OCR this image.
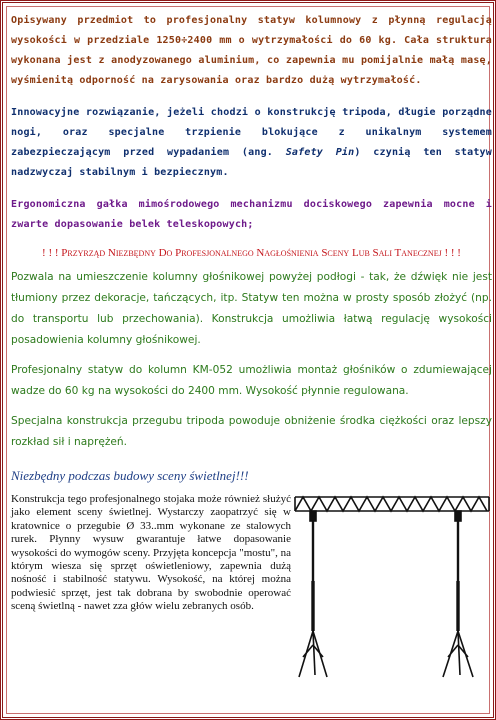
Opisywany przedmiot to profesjonalny statyw kolumnowy z płynną regulacją wysokości w przedziale 1250÷2400 mm o wytrzymałości do 60 kg. Cała struktura wykonana jest z anodyzowanego aluminium, co zapewnia mu pomijalnie małą masę, wyśmienitą odporność na zarysowania oraz bardzo dużą wytrzymałość.

Innowacyjne rozwiązanie, jeżeli chodzi o konstrukcję tripoda, długie porządne nogi, oraz specjalne trzpienie blokujące z unikalnym systemem zabezpieczającym przed wypadaniem (ang. Safety Pin) czynią ten statyw nadzwyczaj stabilnym i bezpiecznym.

Ergonomiczna gałka mimośrodowego mechanizmu dociskowego zapewnia mocne i zwarte dopasowanie belek teleskopowych;

! ! ! Przyrząd Niezbędny Do Profesjonalnego Nagłośnienia Sceny Lub Sali Tanecznej ! ! !

Pozwala na umieszczenie kolumny głośnikowej powyżej podłogi - tak, że dźwięk nie jest tłumiony przez dekoracje, tańczących, itp. Statyw ten można w prosty sposób złożyć (np. do transportu lub przechowania). Konstrukcja umożliwia łatwą regulację wysokości posadowienia kolumny głośnikowej.

Profesjonalny statyw do kolumn KM-052 umożliwia montaż głośników o zdumiewającej wadze do 60 kg na wysokości do 2400 mm. Wysokość płynnie regulowana.

Specjalna konstrukcja przegubu tripoda powoduje obniżenie środka ciężkości oraz lepszy rozkład sił i naprężeń.

Niezbędny podczas budowy sceny świetlnej!!!

Konstrukcja tego profesjonalnego stojaka może również służyć jako element sceny świetlnej. Wystarczy zaopatrzyć się w kratownice o przegubie Ø 33..mm wykonane ze stalowych rurek. Płynny wysuw gwarantuje łatwe dopasowanie wysokości do wymogów sceny. Przyjęta koncepcja "mostu", na którym wiesza się sprzęt oświetleniowy, zapewnia dużą nośność i stabilność statywu. Wysokość, na której można podwiesić sprzęt, jest tak dobrana by swobodnie operować sceną świetlną - nawet zza głów wielu zebranych osób.
